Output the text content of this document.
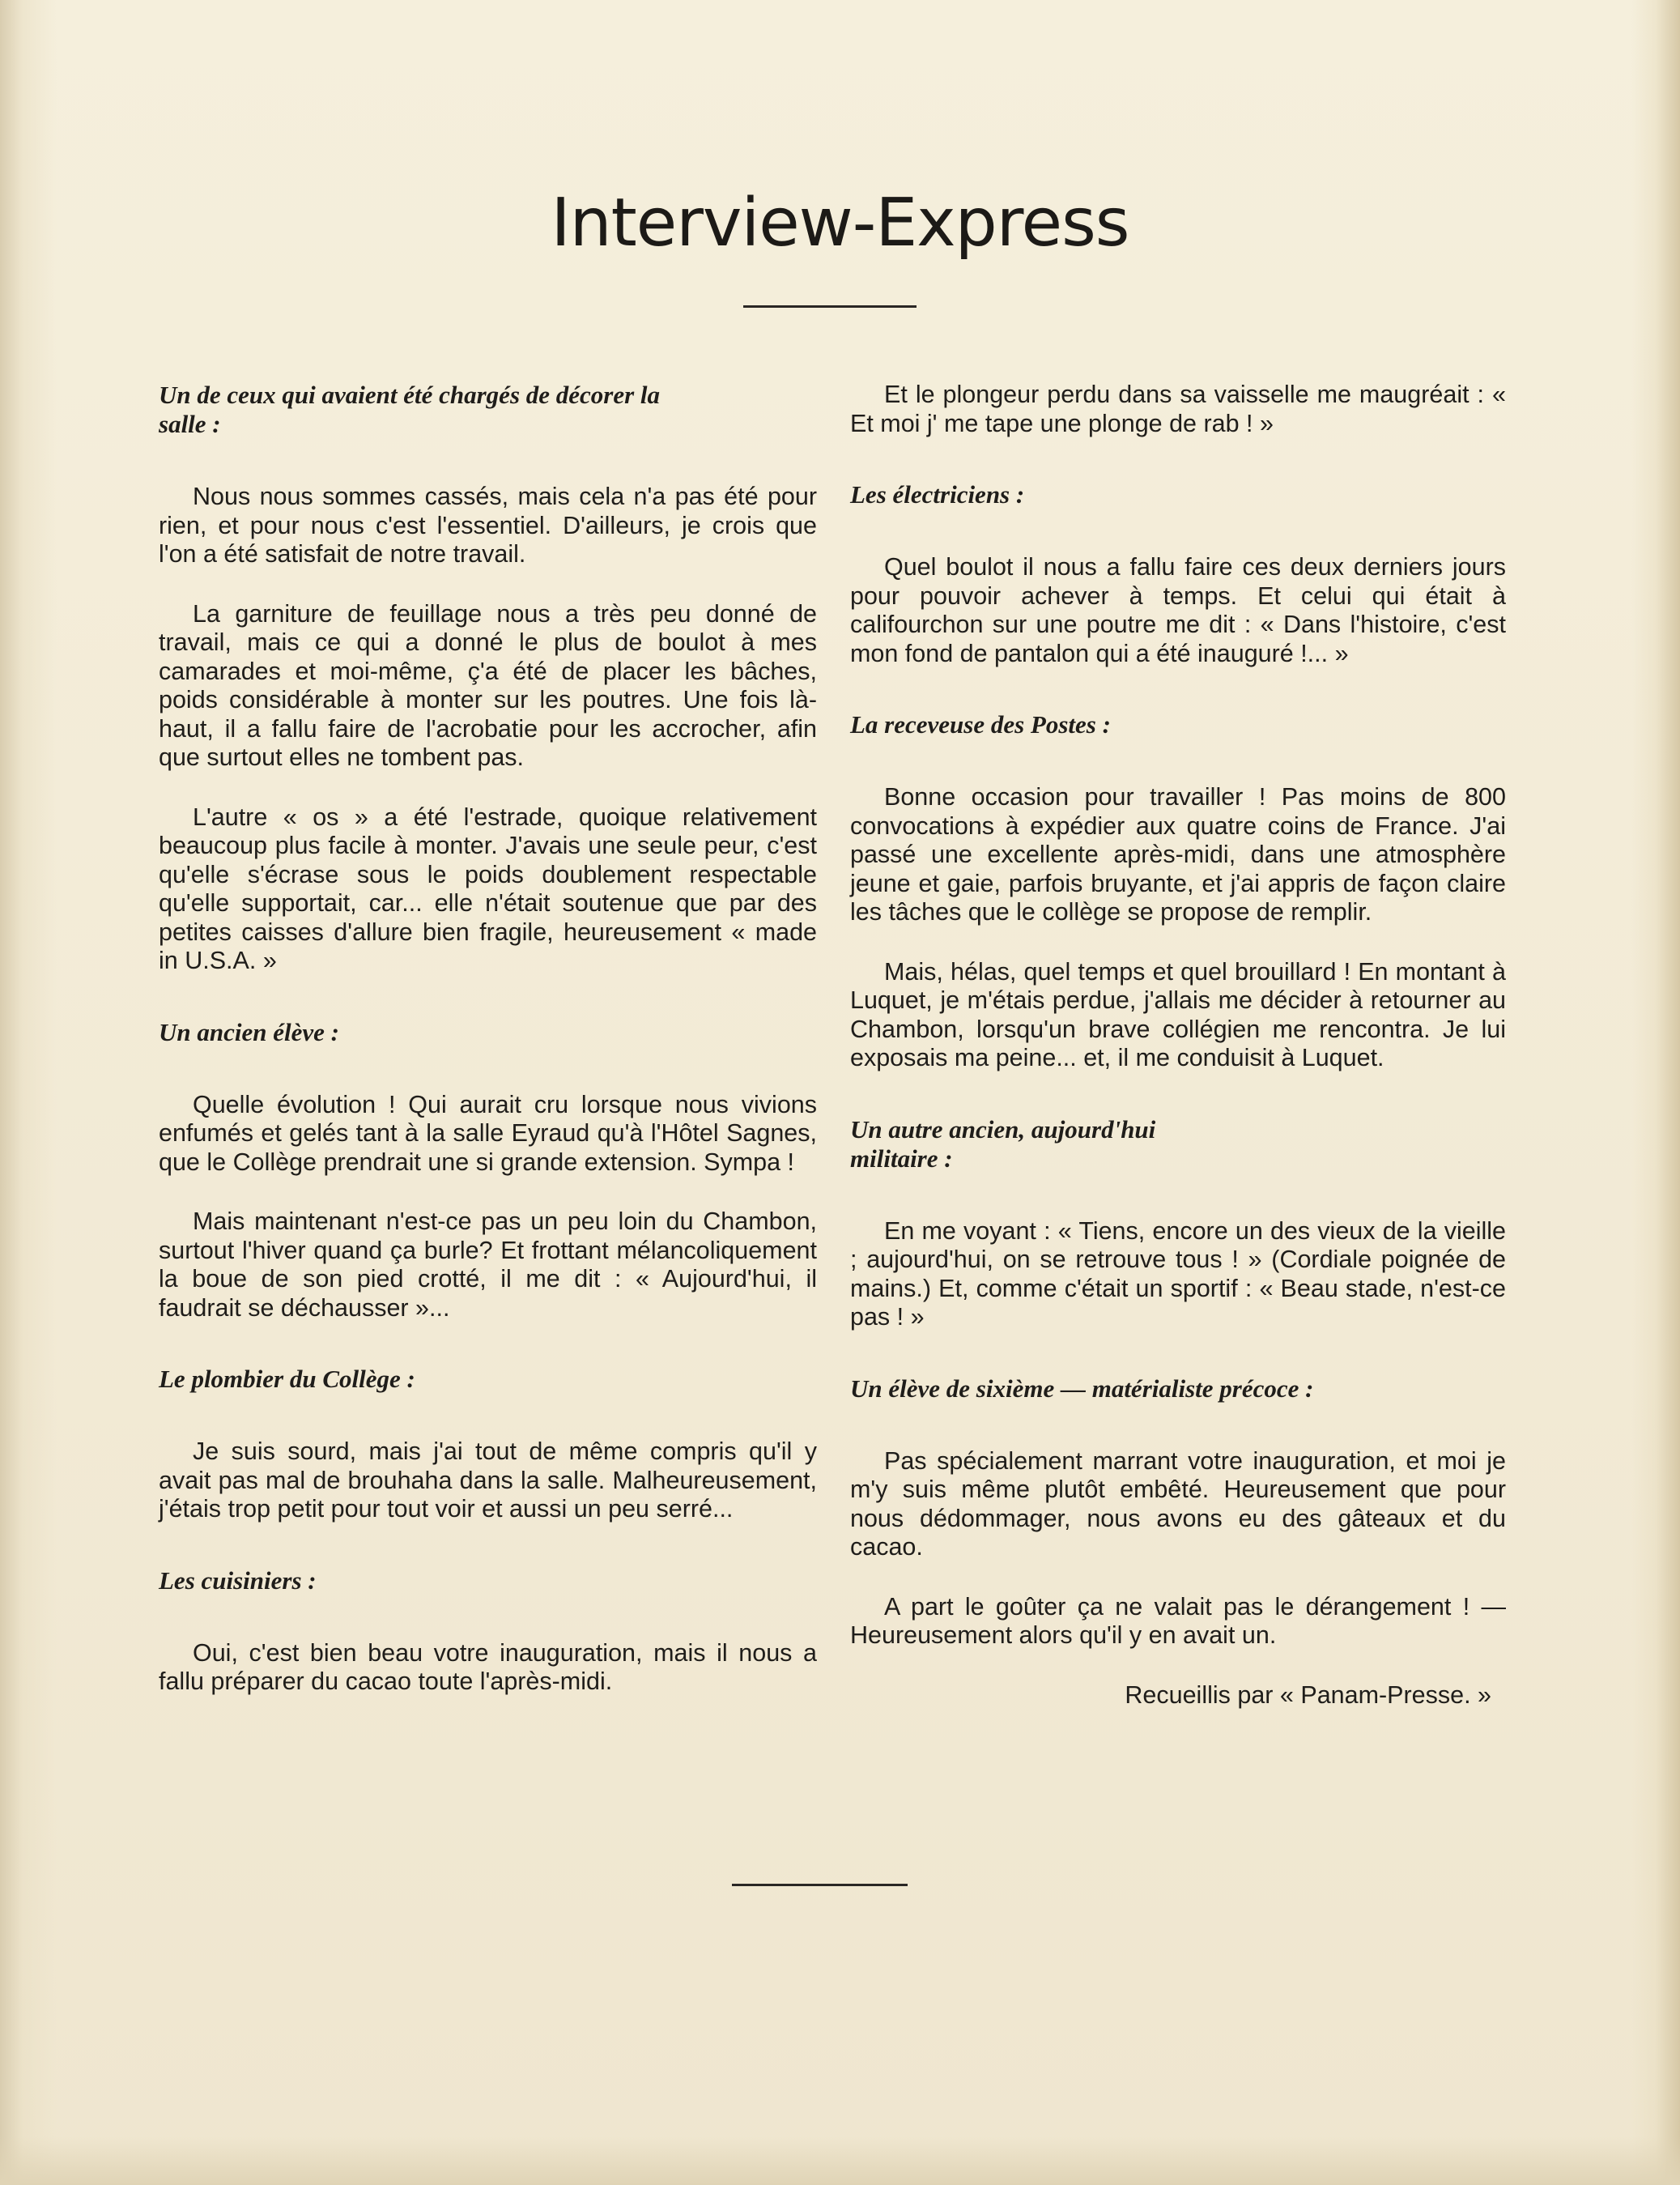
Interview-Express
Un de ceux qui avaient été chargés de décorer la salle :

Nous nous sommes cassés, mais cela n'a pas été pour rien, et pour nous c'est l'essentiel. D'ailleurs, je crois que l'on a été satisfait de notre travail.

La garniture de feuillage nous a très peu donné de travail, mais ce qui a donné le plus de boulot à mes camarades et moi-même, ç'a été de placer les bâches, poids considérable à monter sur les poutres. Une fois là-haut, il a fallu faire de l'acrobatie pour les accrocher, afin que surtout elles ne tombent pas.

L'autre « os » a été l'estrade, quoique relativement beaucoup plus facile à monter. J'avais une seule peur, c'est qu'elle s'écrase sous le poids doublement respectable qu'elle supportait, car... elle n'était soutenue que par des petites caisses d'allure bien fragile, heureusement « made in U.S.A. »

Un ancien élève :

Quelle évolution ! Qui aurait cru lorsque nous vivions enfumés et gelés tant à la salle Eyraud qu'à l'Hôtel Sagnes, que le Collège prendrait une si grande extension. Sympa !

Mais maintenant n'est-ce pas un peu loin du Chambon, surtout l'hiver quand ça burle? Et frottant mélancoliquement la boue de son pied crotté, il me dit : « Aujourd'hui, il faudrait se déchausser »...

Le plombier du Collège :

Je suis sourd, mais j'ai tout de même compris qu'il y avait pas mal de brouhaha dans la salle. Malheureusement, j'étais trop petit pour tout voir et aussi un peu serré...

Les cuisiniers :

Oui, c'est bien beau votre inauguration, mais il nous a fallu préparer du cacao toute l'après-midi.

Et le plongeur perdu dans sa vaisselle me maugréait : « Et moi j' me tape une plonge de rab ! »

Les électriciens :

Quel boulot il nous a fallu faire ces deux derniers jours pour pouvoir achever à temps. Et celui qui était à califourchon sur une poutre me dit : « Dans l'histoire, c'est mon fond de pantalon qui a été inauguré !... »

La receveuse des Postes :

Bonne occasion pour travailler ! Pas moins de 800 convocations à expédier aux quatre coins de France. J'ai passé une excellente après-midi, dans une atmosphère jeune et gaie, parfois bruyante, et j'ai appris de façon claire les tâches que le collège se propose de remplir.

Mais, hélas, quel temps et quel brouillard ! En montant à Luquet, je m'étais perdue, j'allais me décider à retourner au Chambon, lorsqu'un brave collégien me rencontra. Je lui exposais ma peine... et, il me conduisit à Luquet.

Un autre ancien, aujourd'hui militaire :

En me voyant : « Tiens, encore un des vieux de la vieille ; aujourd'hui, on se retrouve tous ! » (Cordiale poignée de mains.) Et, comme c'était un sportif : « Beau stade, n'est-ce pas ! »

Un élève de sixième — matérialiste précoce :

Pas spécialement marrant votre inauguration, et moi je m'y suis même plutôt embêté. Heureusement que pour nous dédommager, nous avons eu des gâteaux et du cacao.

A part le goûter ça ne valait pas le dérangement ! — Heureusement alors qu'il y en avait un.

Recueillis par « Panam-Presse. »
